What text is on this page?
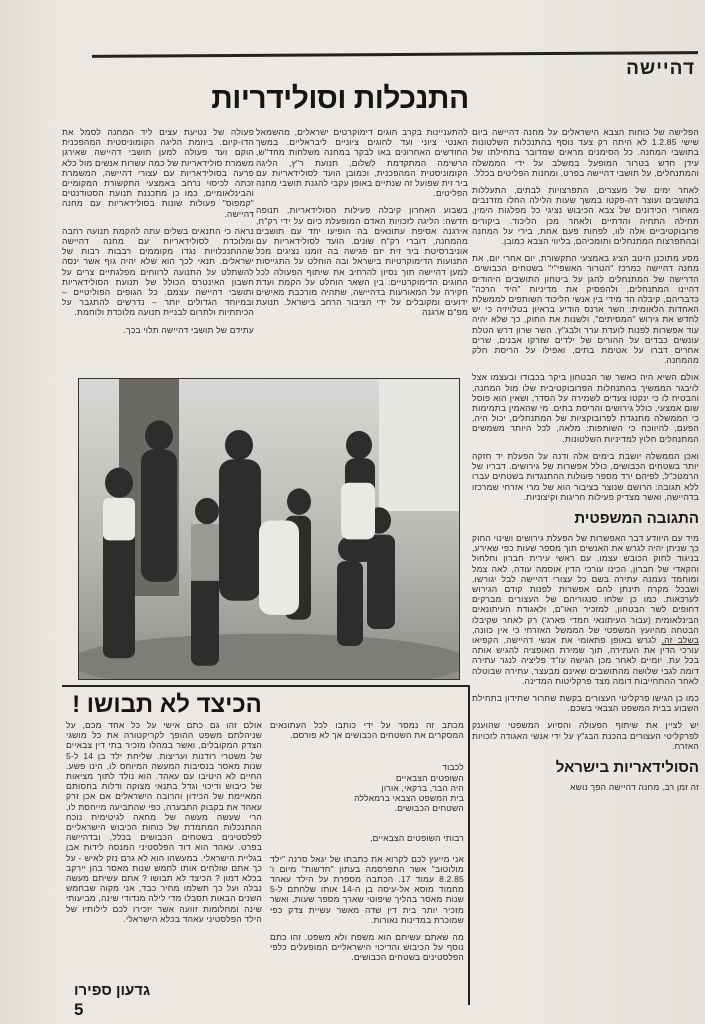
דהיישה
התנכלות וסולידריות

הפלישה של כוחות הצבא הישראלים על מחנה דהיישה ביום שישי 1.2.85 לא היתה רק צעד נוסף בהתנכלות השלטונות בתושבי המחנה. כל הסימנים מראים שמדובר בתחילתו של עידן חדש בטרור המופעל במשלב על ידי הממשלה והמתנחלים, על תושבי דהיישה בפרט, ומחנות הפליטים בכלל.

לאחר ימים של מעצרים, התפרצויות לבתים, התעללות בתושבים ועוצר דה-פקטו במשך שעות הלילה החלו מזדנבים מאחורי הכידונים של צבא הכיבוש נציגי כל מפלגות הימין, תחילה התחיה והדתיים ולאחר מכן הליכוד. ביקורים פרובוקטיביים אלה לוו, לפחות פעם אחת, בירי על המחנה ובהתפרצות המתנחלים ותומכיהם, בליווי הצבא כמובן.

מסע מתוכנן היטב הציג באמצעי התקשורת, יום אחרי יום, את מחנה דהיישה כמרכז "הטרור האשפי"י" בשטחים הכבושים. הדרישה של המתנחלים להגן על ביטחון התושבים היהודים דהיינו המתנחלים, ולהפסיק את מדיניות "היד הרכה" כדבריהם, קיבלה הד מידי בין אנשי הליכוד השותפים לממשלת האחדות הלאומית: השר ארנס הודיע בראיון בטלויזיה כי יש לחדש את גירוש "המסיתים", ולשנות את החוק, כך שלא יהיה עוד אפשרות לפנות לועדת ערר ולבג"ץ. השר שרון דרש הטלת עונשים כבדים על ההורים של ילדים שזרקו אבנים, שרים אחרים דברו על אטימת בתים, ואפילו על הריסת חלק מהמחנה.

אולם השיא היה כאשר שר הבטחון ביקר בכבודו ובעצמו אצל לויבגר הממשיך בהתנחלות הפרובוקטיבית שלו מול המחנה, והבטיח לו כי ינקטו צעדים לשמירה על הסדר, ושאין הוא פוסל שום אמצעי, כולל גירושים והריסת בתים. מי שהאמין בתמימות כי הממשלה מתנגדת לפרובוקציות של המתנחלים, יכול היה, הפעם, להיווכח כי השותפות: מלאה, לכל היותר משמשים המתנחלים חלוץ למדיניות השלטונות.

ואכן הממשלה יושבת בימים אלה ודנה על הפעלת יד חזקה יותר בשטחים הכבושים, כולל אפשרות של גירושים. דבריו של הרמטכ"ל, לפיהם ירד מספר פעולות ההתנגדות בשטחים עברו ללא תגובה: הרושם שנוצר בציבור הוא של מרי אזרחי שמרכזו בדהיישה, ואשר מצדיק פעילות חריגות וקיצוניות.

התגובה המשפטית

מיד עם היוודע דבר האפשרות של הפעלת גירושים ושינוי החוק כך שניתן יהיה לגרש את האנשים תוך מספר שעות כפי שאירע, בניגוד לחוק הכובש עצמו, עם ראשי עירית חברון וחלחול והקאדי של חברון, הכינו עורכי הדין אוסמה עודה, לאה צמל ומוחמד נעמנה עתירה בשם כל עצורי דהיישה לבל יגורשו, ושבכל מקרה תינתן להם אפשרות לפנות קודם הגירוש לערכאות. כמו כן שלחו סנגוריהם של העצורים מברקים דחופים לשר הבטחון, למזכיר האו"ם, ולאגודת העיתונאים הבינלאומית (עבור העיתונאי חמדי פארג') רק לאחר שקיבלו הבטחה מהיועץ המשפטי של הממשל האזרחי כי אין כוונה, בשלב זה, לגרש באופן פתאומי את אנשי דהיישה, הקפיאו עורכי הדין את העתירה, תוך שמירת האופציה להגיש אותה בכל עת. יומיים לאחר מכן הגישה עו"ד פליציה לנגר עתירה דומה לגבי שלושה מהתושבים שאינם מבעצר, עתירה שבוטלה לאחר ההתחייבות דומה מצד פרקליטות המדינה.

כמו כן הגישו פרקליטי העצורים בקשת שחרור שתידון בתחילת השבוע בבית המשפט הצבאי בשכם.

יש לציין את שיתוף הפעולה והסיוע המשפטי שהוענק לפרקליטי העצורים בהכנת הבג"ץ על ידי אנשי האגודה לזכויות האזרח.

הסולידאריות בישראל

זה זמן רב, מחנה דהיישה הפך נושא

להתעניינות בקרב חוגים דימוקרטים ישראלים, מהשמאל האנטי ציוני ועד לחוגים ציוניים ליבראליים. במשך החודשים האחרונים באו לבקר במחנה משלחות מחד"ש, הרשימה המתקדמת לשלום, תנועת ר"ץ, הליגה הקומוניסטית המהפכנית, וכמובן הועד לסולידאריות עם ביר זית שפועל זה שנתיים באופן עקבי להגנת תושבי מחנה הפליטים.

בשבוע האחרון קיבלה פעילות הסולידאריות, תנופה חדשה: הליגה לזכויות האדם המופעלת כיום על ידי רק"ח, אירגנה אסיפת עתונאים בה הופיעו יחד עם תושבים מהמחנה, דוברי רק"ח שונים. הועד לסולידאריות עם אוניברסיטת ביר זית יזם פגישה בה זומנו נציגים מכל התנועות הדימוקרטיות בישראל ובה הוחלט על התגייסות למען דהיישה תוך נסיון להרחיב את שיתוף הפעולה לכל החוגים הדימוקרטיים: בין השאר הוחלט על הקמת ועדת חקירה על המאורעות בדהיישה, שתהיה מורכבת מאישים ידועים ומקובלים על ידי הציבור הרחב בישראל. תנועת מפ"ם ארגנה

פעולה של נטיעת עצים ליד המחנה לסמל את הדו-קיום. ביוזמת הליגה הקומוניסטית המהפכנית הוקם ועד פעולה למען תושבי דהיישה שאירגן משמרת סולידאריות של כמה עשרות אנשים מול כלא פרעה בסולידאריות עם עצורי דהיישה, המשמרת זכתה לכיסוי נרחב באמצעי התקשורת המקומיים והבינלאומיים, כמו כן מתכננת תנועת הסטודנטים "קמפוס" פעולות שונות בסולידאריות עם מחנה דהיישה.

נראה כי התנאים בשלים עתה להקמת תנועה רחבה ומלוכדת לסולידאריות עם מחנה דהיישה שההתנכלויות נגדו מקוממים רבבות רבות של ישראלים. תנאי לכך הוא שלא יהיה גוף אשר ינסה להשתלט על התנועה לרווחים מפלגתיים צרים על חשבון האינטרס הכולל של תנועת הסולידאריות ותושבי דהיישה עצמם. כל הגופים הפוליטיים – ובמיוחד הגדולים יותר – נדרשים להתגבר על הכיתתיות ולתרום לבניית תנועה מלוכדת ולוחמת.

עתידם של תושבי דהיישה תלוי בכך.

הכיצד לא תבושו !

מכתב זה נמסר על ידי כותבו לכל העתונאים המסקרים את השטחים הכבושים אך לא פורסם.

לכבוד

השופטים הצבאיים

היה הבר, ברקאי, אורון

בית המשפט הצבאי ברמאללה

השטחים הכבושים.

רבותי השופטים הצבאיים,

אני מייעץ לכם לקרוא את כתבתו של יגאל סרנה "ילד מולוטוב" אשר התפרסמה בעתון "חדשות" מיום ו' 8.2.85 עמוד 17. הכתבה מספרת על הילד עאהד מחמוד מוסא אל-עיסה בן ה-14 אותו שלחתם ל-5 שנות מאסר בהליך שיפוטי שארך מספר שעות, ואשר מזכיר יותר בית דין שדה מאשר עשיית צדק כפי שמוכרת במדינות נאורות.

מה שאתם עשיתם הוא משפח ולא משפט. זהו כתם נוסף על הכיבוש והדיכוי הישראליים המופעלים כלפי הפלסטינים בשטחים הכבושים.

אולם זהו גם כתם אישי על כל אחד מכם, על שניהלתם משפט ההופך לקריקטורה את כל מושגי הצדק המקובלים, ואשר במהלו מזכיר בתי דין צבאיים של משטרי רודנות ועריצות. שליחת ילד בן 14 ל-5 שנות מאסר בנסיבות המעשה המיוחס לו, הינו פשע. החיים לא היטיבו עם עאהד. הוא נולד לתוך מציאות של כיבוש ודיכוי וגדל בתנאי מצוקה ודלות בחסותם המאיימת של הכידון והרובה הישראלים אם אכן זרק עאהד את בקבוק התבערה, כפי שהתביעה מייחסת לו, הרי שעשה מעשה של מחאה לגיטימית נוכח ההתנכלות המתמדת של כוחות הכיבוש הישראליים לפלסטינים בשטחים הכבושים בכלל, ובדהיישה בפרט. עאהד הוא דוד הפלסטיני המנסה לידות אבן בגליית הישראלי. במעשהו הוא לא גרם נזק לאיש - על כך אתם שולחים אותו לחמש שנות מאסר בהן יירקב בכלא דמון ? הכיצד לא תבושו ? אתם עשיתם מעשה נבלה ועל כך תשלמו מחיר כבד, אני מקוה שבחמש השנים הבאות תסבלו מדי לילה מנדודי שינה, מביעותי שינה ומחלומות זוועה אשר יזכירו לכם לילותיו של הילד הפלסטיני עאהד בכלא הישראלי.

גדעון ספירו
5
